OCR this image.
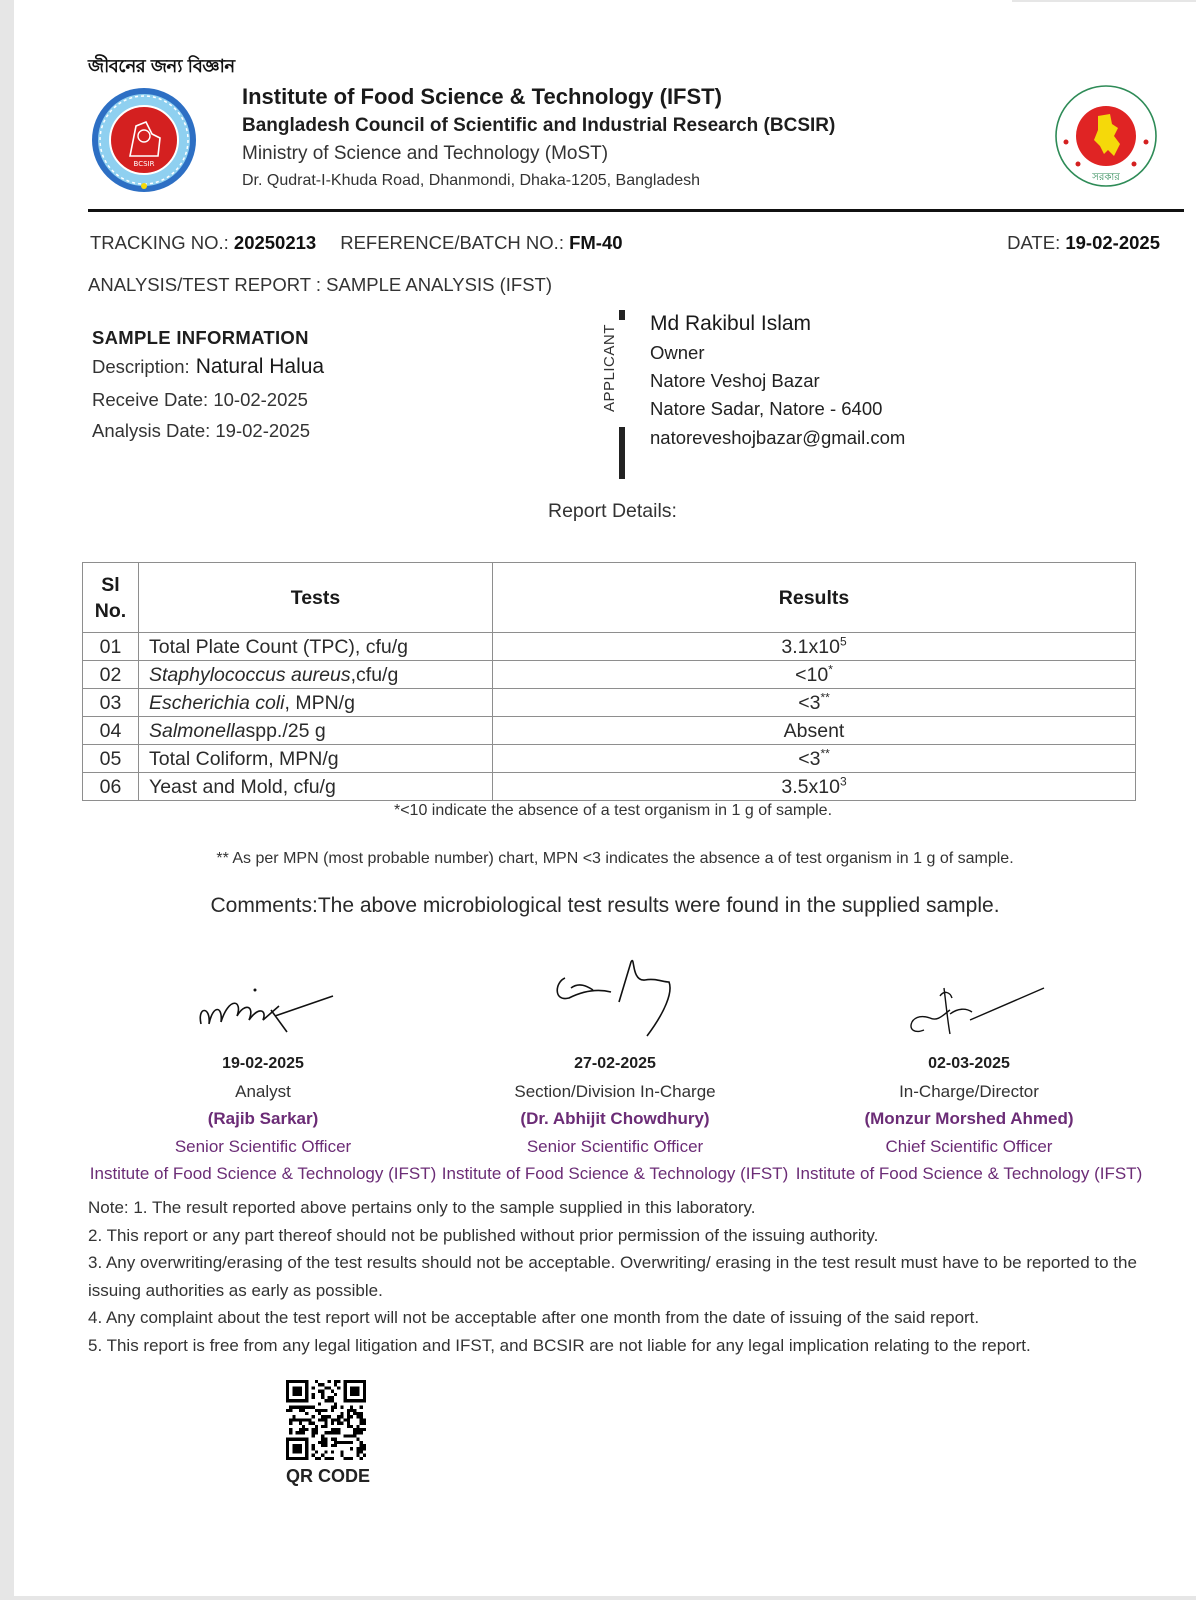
জীবনের জন্য বিজ্ঞান
BCSIR
Institute of Food Science & Technology (IFST)
Bangladesh Council of Scientific and Industrial Research (BCSIR)
Ministry of Science and Technology (MoST)
Dr. Qudrat-I-Khuda Road, Dhanmondi, Dhaka-1205, Bangladesh	সরকার
TRACKING NO.: 20250213 REFERENCE/BATCH NO.: FM-40	DATE: 19-02-2025
ANALYSIS/TEST REPORT : SAMPLE ANALYSIS (IFST)
SAMPLE INFORMATION
Description: Natural Halua
Receive Date: 10-02-2025
Analysis Date: 19-02-2025
APPLICANT
Md Rakibul Islam
Owner
Natore Veshoj Bazar
Natore Sadar, Natore - 6400
natoreveshojbazar@gmail.com
Report Details:
Sl
No.	Tests	Results
01	Total Plate Count (TPC), cfu/g	$3.1x10^5$
02	Staphylococcus aureus,cfu/g	<10*
03	Escherichia coli, MPN/g	<3**
04	Salmonellaspp./25 g	Absent
05	Total Coliform, MPN/g	<3**
06	Yeast and Mold, cfu/g	$3.5x10^3$
*<10 indicate the absence of a test organism in 1 g of sample.
** As per MPN (most probable number) chart, MPN <3 indicates the absence a of test organism in 1 g of sample.
Comments:The above microbiological test results were found in the supplied sample.
19-02-2025
Analyst
(Rajib Sarkar)
Senior Scientific Officer
Institute of Food Science & Technology (IFST)
27-02-2025
Section/Division In-Charge
(Dr. Abhijit Chowdhury)
Senior Scientific Officer
Institute of Food Science & Technology (IFST)
02-03-2025
In-Charge/Director
(Monzur Morshed Ahmed)
Chief Scientific Officer
Institute of Food Science & Technology (IFST)

Note: 1. The result reported above pertains only to the sample supplied in this laboratory.

2. This report or any part thereof should not be published without prior permission of the issuing authority.

3. Any overwriting/erasing of the test results should not be acceptable. Overwriting/ erasing in the test result must have to be reported to the issuing authorities as early as possible.

4. Any complaint about the test report will not be acceptable after one month from the date of issuing of the said report.

5. This report is free from any legal litigation and IFST, and BCSIR are not liable for any legal implication relating to the report.

QR CODE
